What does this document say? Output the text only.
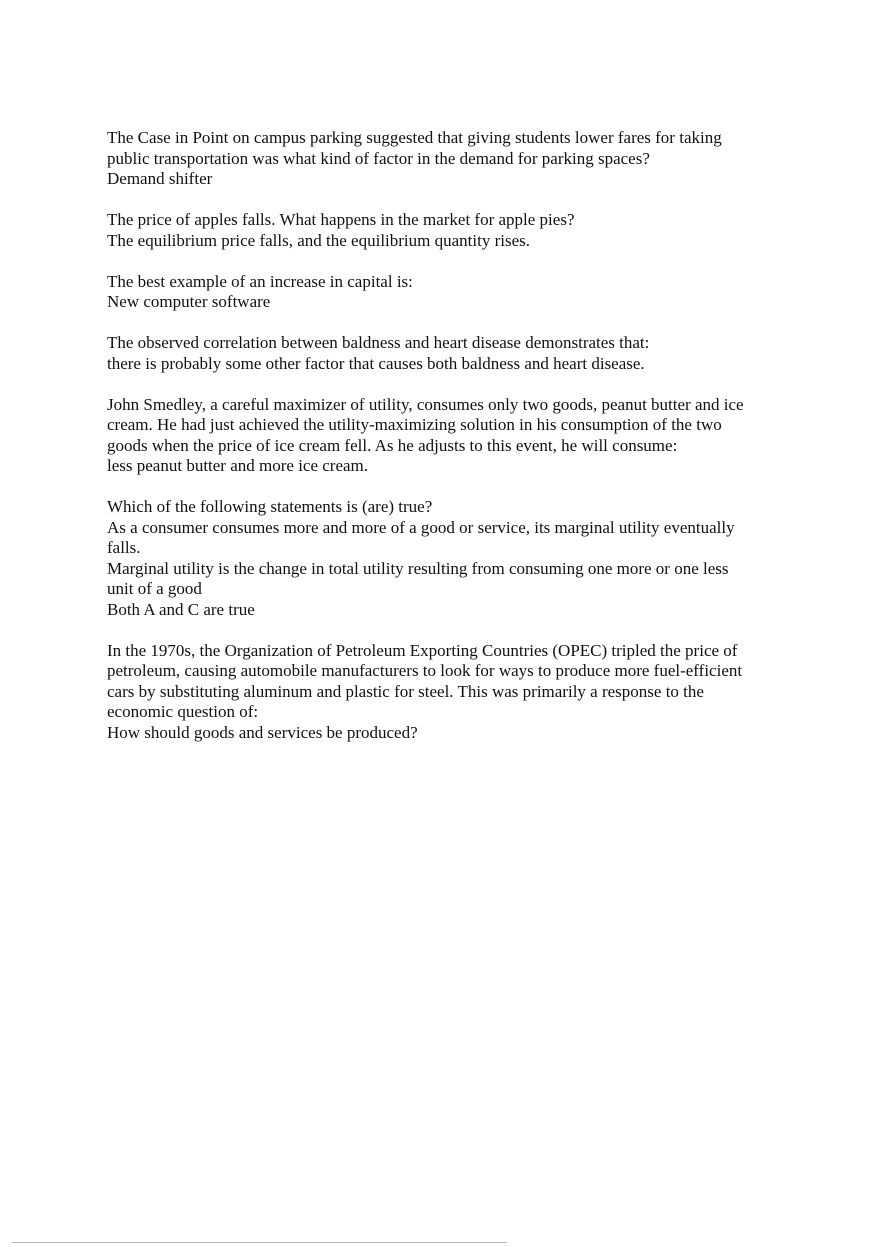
The Case in Point on campus parking suggested that giving students lower fares for taking
public transportation was what kind of factor in the demand for parking spaces?
Demand shifter
The price of apples falls. What happens in the market for apple pies?
The equilibrium price falls, and the equilibrium quantity rises.
The best example of an increase in capital is:
New computer software
The observed correlation between baldness and heart disease demonstrates that:
there is probably some other factor that causes both baldness and heart disease.
John Smedley, a careful maximizer of utility, consumes only two goods, peanut butter and ice
cream. He had just achieved the utility-maximizing solution in his consumption of the two
goods when the price of ice cream fell. As he adjusts to this event, he will consume:
less peanut butter and more ice cream.
Which of the following statements is (are) true?
As a consumer consumes more and more of a good or service, its marginal utility eventually
falls.
Marginal utility is the change in total utility resulting from consuming one more or one less
unit of a good
Both A and C are true
In the 1970s, the Organization of Petroleum Exporting Countries (OPEC) tripled the price of
petroleum, causing automobile manufacturers to look for ways to produce more fuel-efficient
cars by substituting aluminum and plastic for steel. This was primarily a response to the
economic question of:
How should goods and services be produced?
